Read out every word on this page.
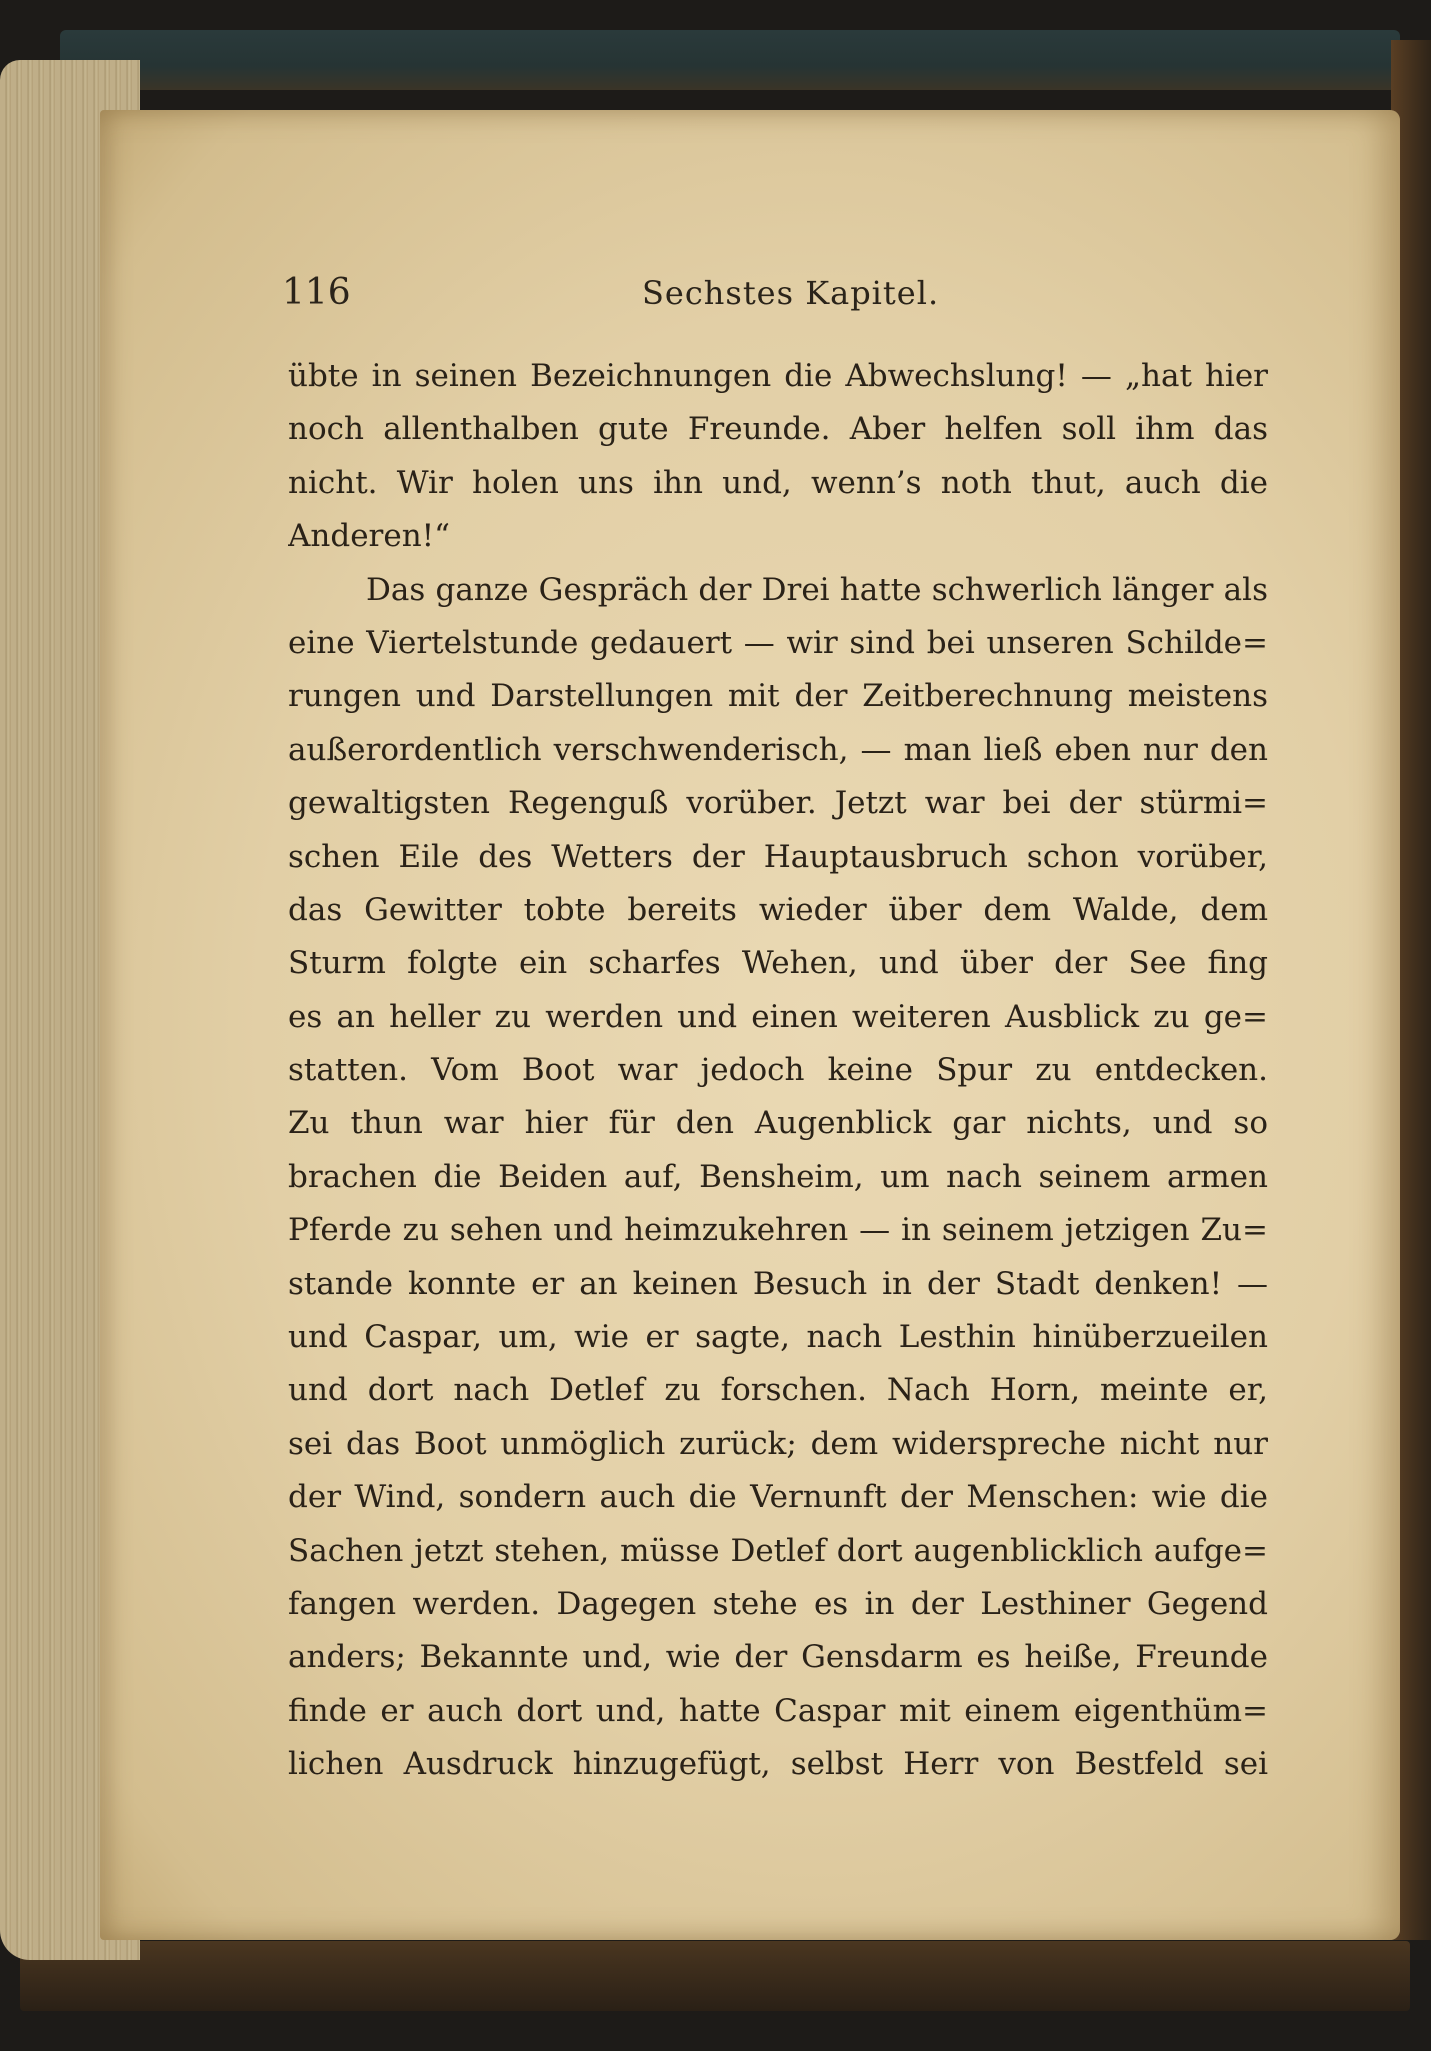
116	Sechstes Kapitel.
übte in seinen Bezeichnungen die Abwechslung! — „hat hier
noch allenthalben gute Freunde. Aber helfen soll ihm das
nicht. Wir holen uns ihn und, wenn’s noth thut, auch die
Anderen!“
Das ganze Gespräch der Drei hatte schwerlich länger als
eine Viertelstunde gedauert — wir sind bei unseren Schilde=
rungen und Darstellungen mit der Zeitberechnung meistens
außerordentlich verschwenderisch, — man ließ eben nur den
gewaltigsten Regenguß vorüber. Jetzt war bei der stürmi=
schen Eile des Wetters der Hauptausbruch schon vorüber,
das Gewitter tobte bereits wieder über dem Walde, dem
Sturm folgte ein scharfes Wehen, und über der See fing
es an heller zu werden und einen weiteren Ausblick zu ge=
statten. Vom Boot war jedoch keine Spur zu entdecken.
Zu thun war hier für den Augenblick gar nichts, und so
brachen die Beiden auf, Bensheim, um nach seinem armen
Pferde zu sehen und heimzukehren — in seinem jetzigen Zu=
stande konnte er an keinen Besuch in der Stadt denken! —
und Caspar, um, wie er sagte, nach Lesthin hinüberzueilen
und dort nach Detlef zu forschen. Nach Horn, meinte er,
sei das Boot unmöglich zurück; dem widerspreche nicht nur
der Wind, sondern auch die Vernunft der Menschen: wie die
Sachen jetzt stehen, müsse Detlef dort augenblicklich aufge=
fangen werden. Dagegen stehe es in der Lesthiner Gegend
anders; Bekannte und, wie der Gensdarm es heiße, Freunde
finde er auch dort und, hatte Caspar mit einem eigenthüm=
lichen Ausdruck hinzugefügt, selbst Herr von Bestfeld sei
